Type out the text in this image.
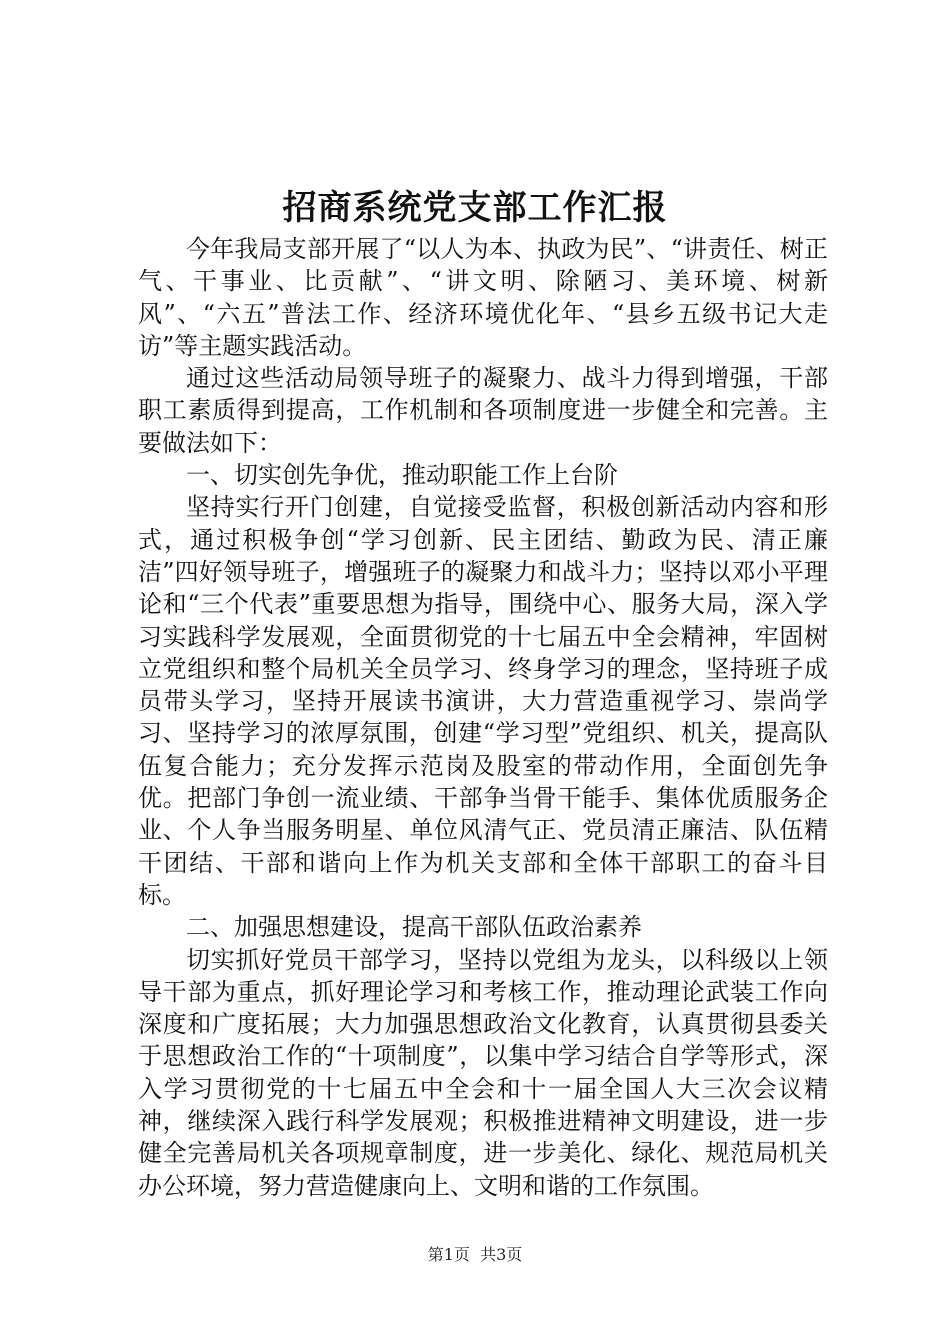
招商系统党支部工作汇报

今年我局支部开展了“以人为本、执政为民”、“讲责任、树正气、干事业、比贡献”、“讲文明、除陋习、美环境、树新风”、“六五”普法工作、经济环境优化年、“县乡五级书记大走访”等主题实践活动。

通过这些活动局领导班子的凝聚力、战斗力得到增强，干部职工素质得到提高，工作机制和各项制度进一步健全和完善。主要做法如下：

一、切实创先争优，推动职能工作上台阶

坚持实行开门创建，自觉接受监督，积极创新活动内容和形式，通过积极争创“学习创新、民主团结、勤政为民、清正廉洁”四好领导班子，增强班子的凝聚力和战斗力；坚持以邓小平理论和“三个代表”重要思想为指导，围绕中心、服务大局，深入学习实践科学发展观，全面贯彻党的十七届五中全会精神，牢固树立党组织和整个局机关全员学习、终身学习的理念，坚持班子成员带头学习，坚持开展读书演讲，大力营造重视学习、崇尚学习、坚持学习的浓厚氛围，创建“学习型”党组织、机关，提高队伍复合能力；充分发挥示范岗及股室的带动作用，全面创先争优。把部门争创一流业绩、干部争当骨干能手、集体优质服务企业、个人争当服务明星、单位风清气正、党员清正廉洁、队伍精干团结、干部和谐向上作为机关支部和全体干部职工的奋斗目标。

二、加强思想建设，提高干部队伍政治素养

切实抓好党员干部学习，坚持以党组为龙头，以科级以上领导干部为重点，抓好理论学习和考核工作，推动理论武装工作向深度和广度拓展；大力加强思想政治文化教育，认真贯彻县委关于思想政治工作的“十项制度”，以集中学习结合自学等形式，深入学习贯彻党的十七届五中全会和十一届全国人大三次会议精神，继续深入践行科学发展观；积极推进精神文明建设，进一步健全完善局机关各项规章制度，进一步美化、绿化、规范局机关办公环境，努力营造健康向上、文明和谐的工作氛围。

第1页 共3页
